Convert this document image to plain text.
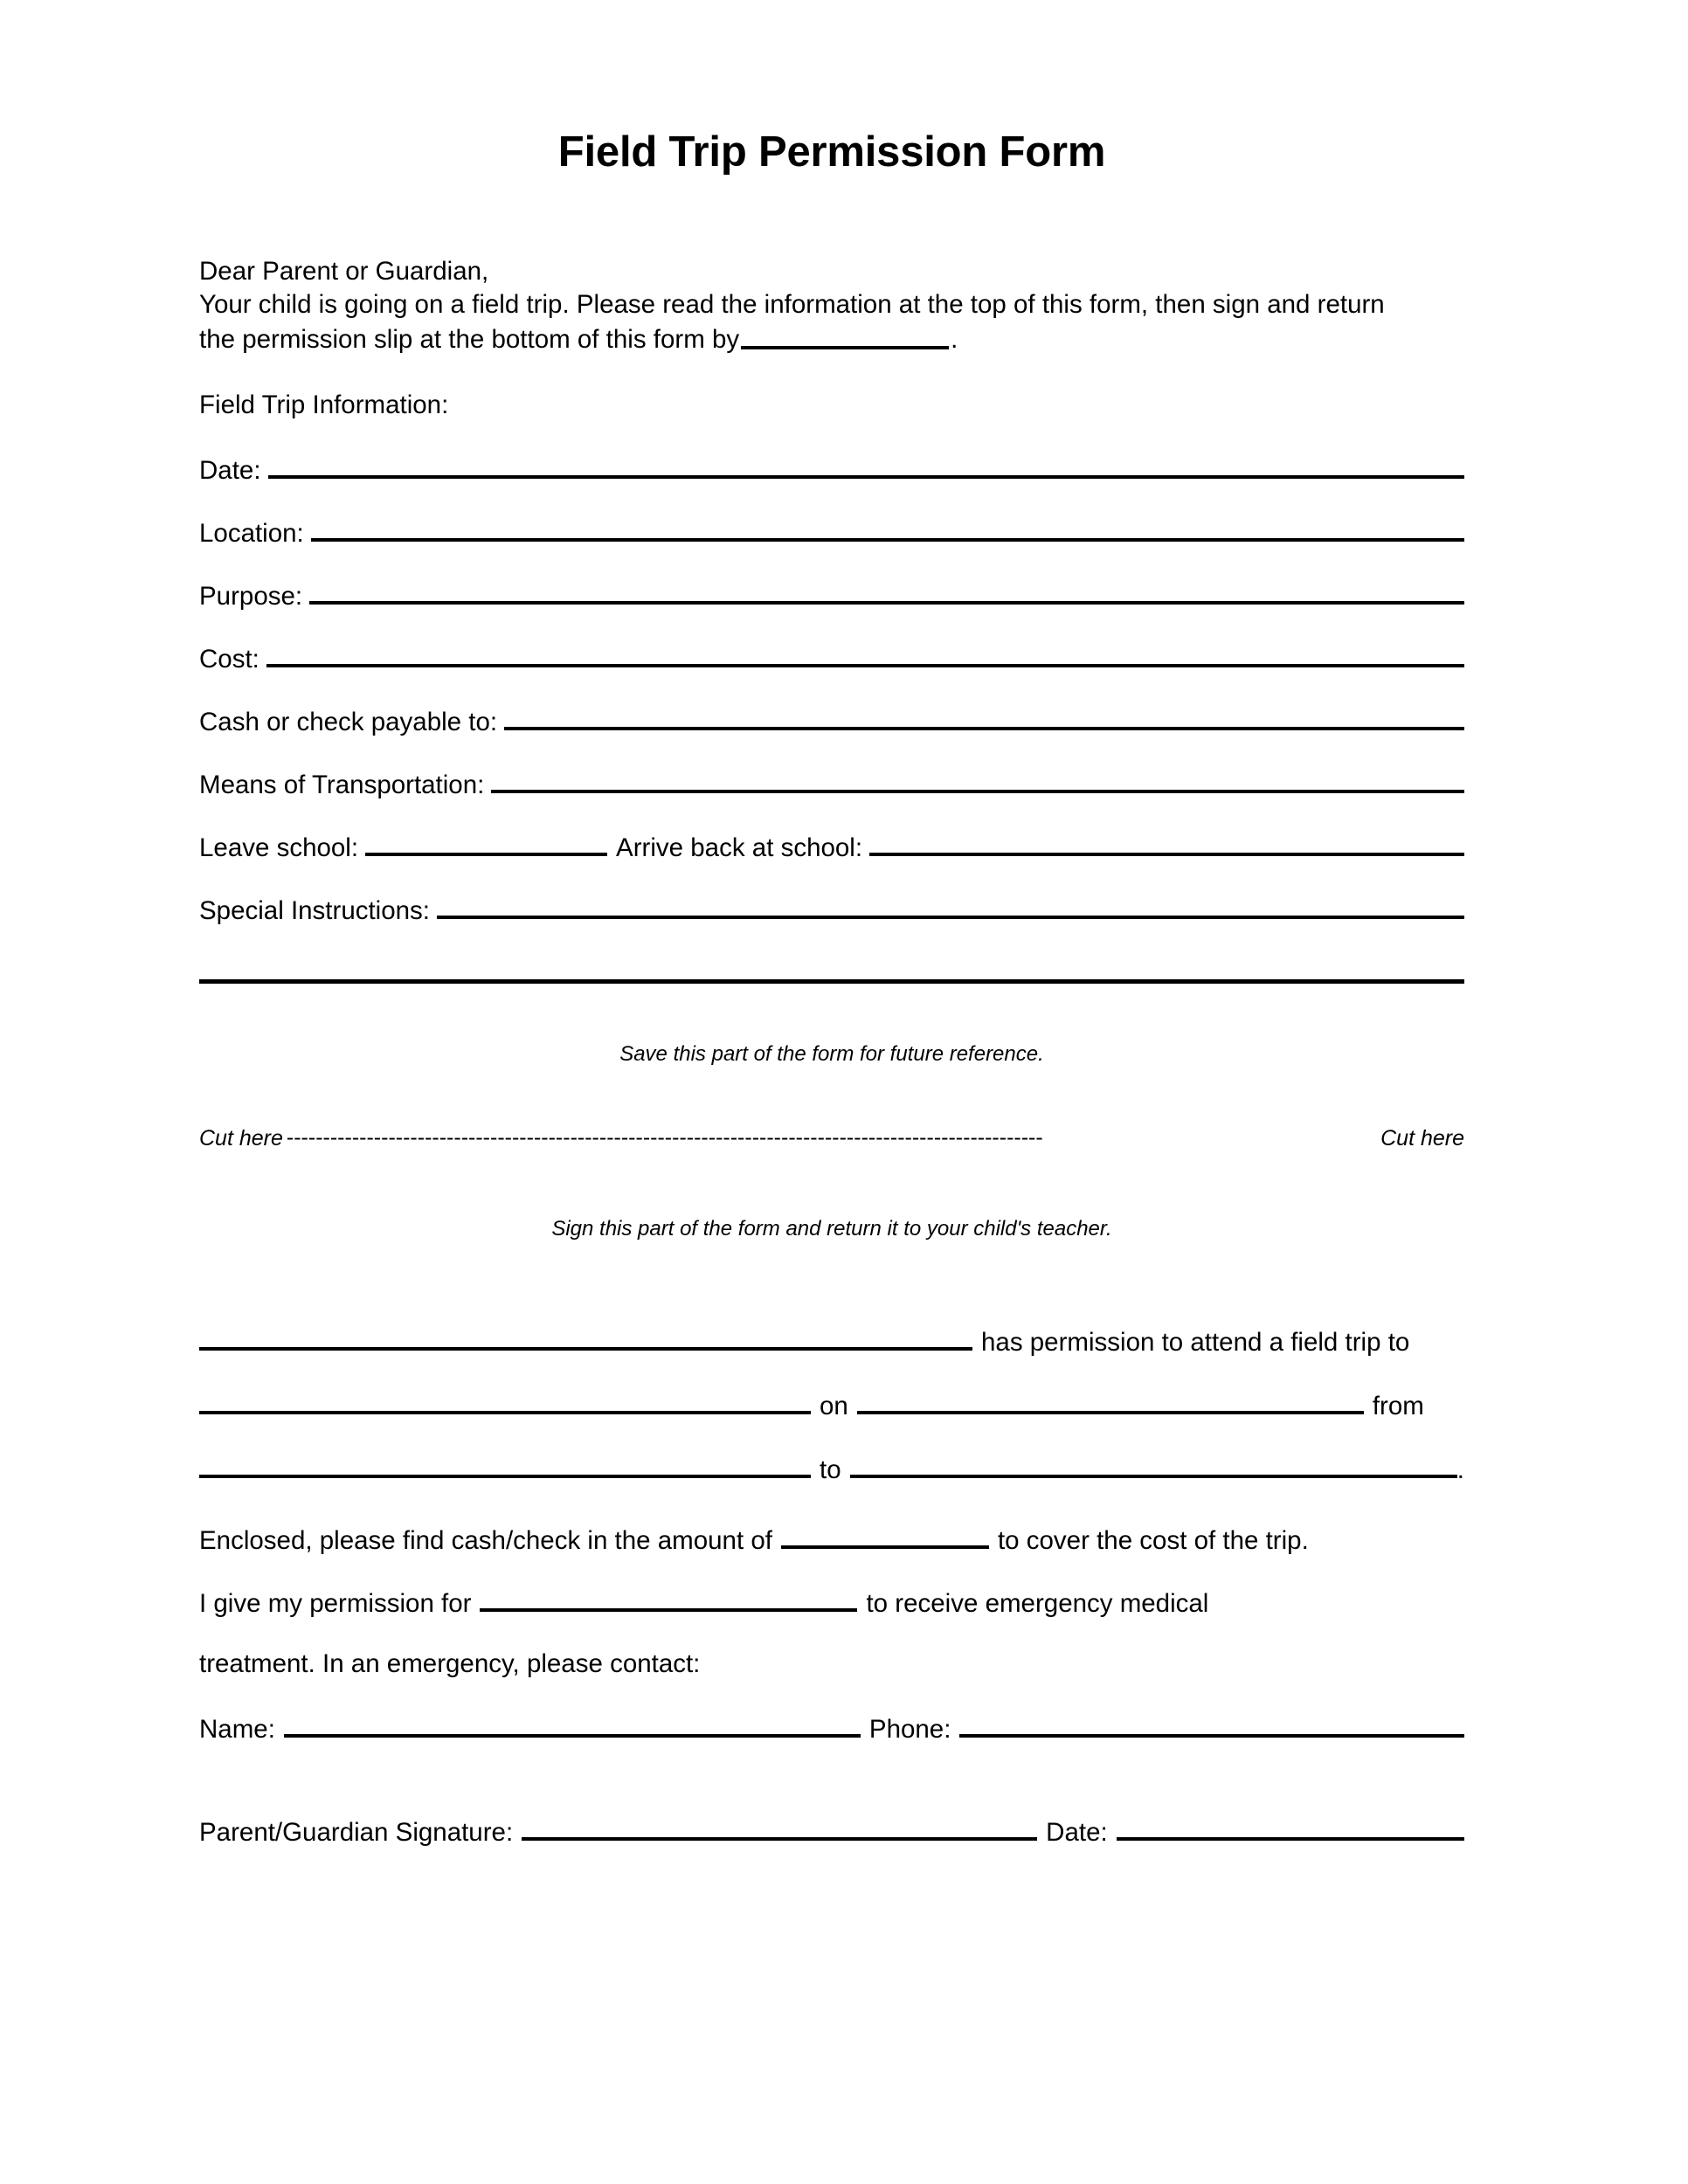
Field Trip Permission Form
Dear Parent or Guardian,
Your child is going on a field trip. Please read the information at the top of this form, then sign and return
the permission slip at the bottom of this form by	.
Field Trip Information:
Date:
Location:
Purpose:
Cost:
Cash or check payable to:
Means of Transportation:
Leave school:	Arrive back at school:
Special Instructions:
Save this part of the form for future reference.
Cut here --------------------------------------------------------------------------------------------------------	Cut here
Sign this part of the form and return it to your child's teacher.
has permission to attend a field trip to
on	from
to	.
Enclosed, please find cash/check in the amount of	to cover the cost of the trip.
I give my permission for	to receive emergency medical
treatment. In an emergency, please contact:
Name:	Phone:
Parent/Guardian Signature:	Date:
